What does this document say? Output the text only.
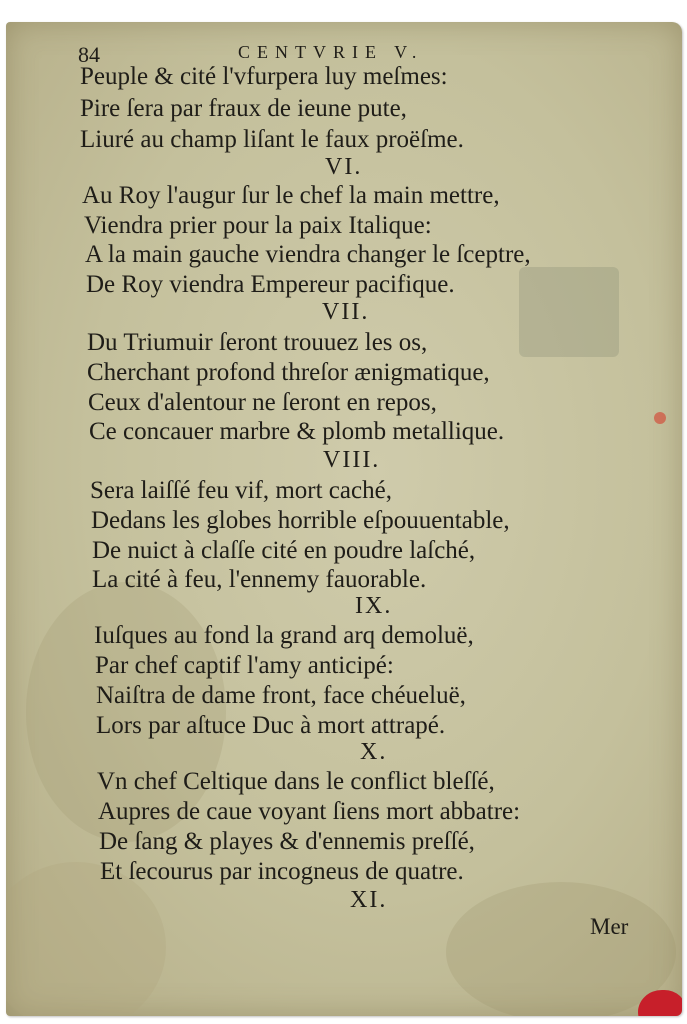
84	CENTVRIE V.
Peuple & cité l'vfurpera luy meſmes:
Pire ſera par fraux de ieune pute,
Liuré au champ liſant le faux proëſme.
VI.
Au Roy l'augur ſur le chef la main mettre,
Viendra prier pour la paix Italique:
A la main gauche viendra changer le ſceptre,
De Roy viendra Empereur pacifique.
VII.
Du Triumuir ſeront trouuez les os,
Cherchant profond threſor ænigmatique,
Ceux d'alentour ne ſeront en repos,
Ce concauer marbre & plomb metallique.
VIII.
Sera laiſſé feu vif, mort caché,
Dedans les globes horrible eſpouuentable,
De nuict à claſſe cité en poudre laſché,
La cité à feu, l'ennemy fauorable.
IX.
Iuſques au fond la grand arq demoluë,
Par chef captif l'amy anticipé:
Naiſtra de dame front, face chéueluë,
Lors par aſtuce Duc à mort attrapé.
X.
Vn chef Celtique dans le conflict bleſſé,
Aupres de caue voyant ſiens mort abbatre:
De ſang & playes & d'ennemis preſſé,
Et ſecourus par incogneus de quatre.
XI.
Mer
